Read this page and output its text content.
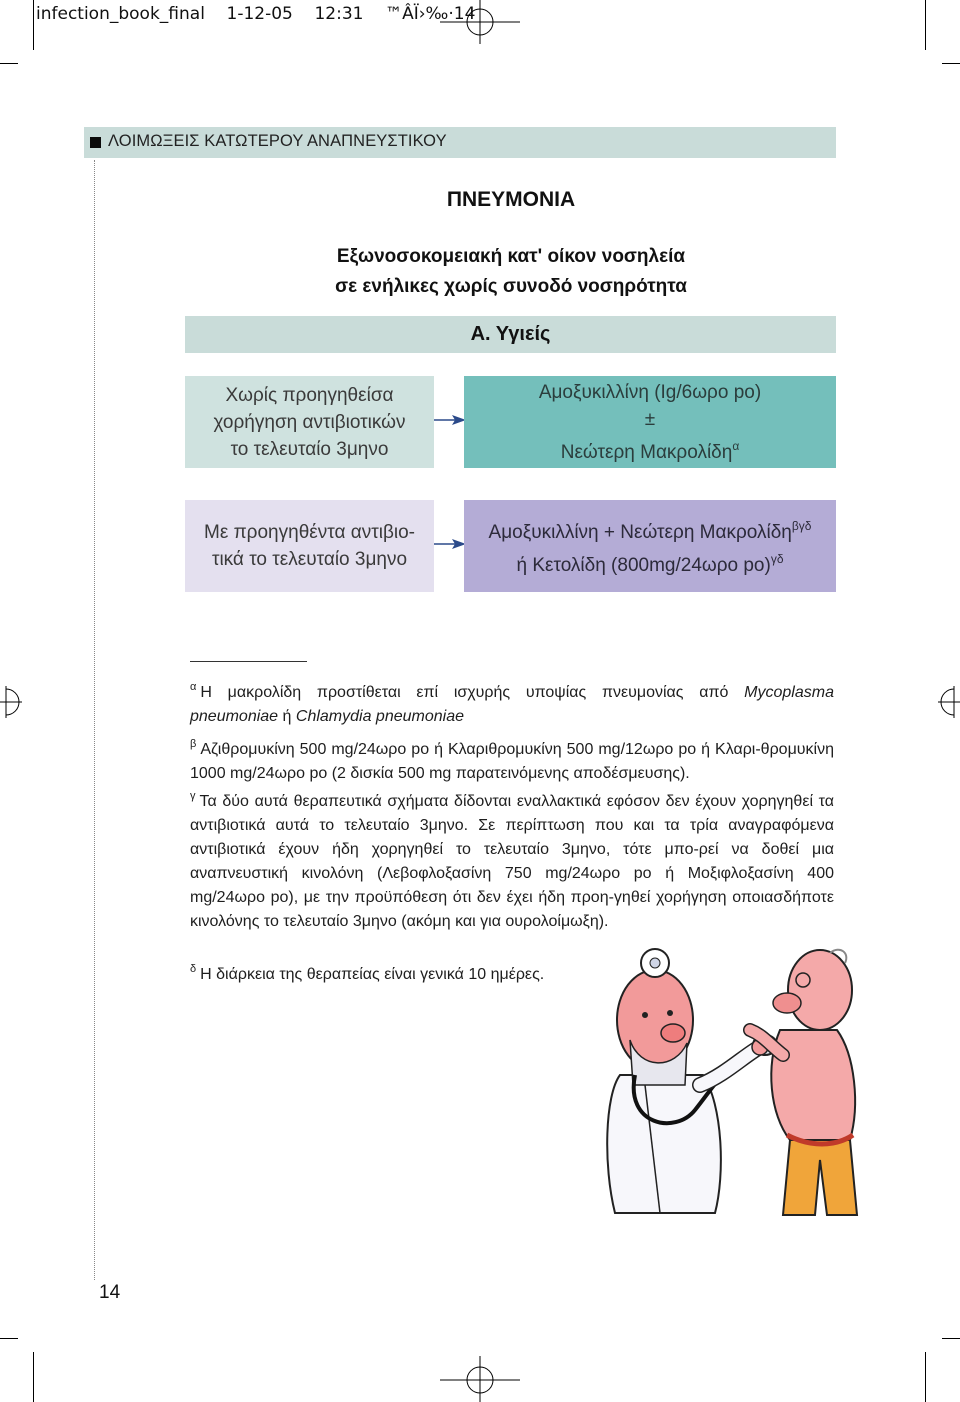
infection_book_final    1-12-05    12:31    ™ÂÏ›‰·14
ΛΟΙΜΩΞΕΙΣ ΚΑΤΩΤΕΡΟΥ ΑΝΑΠΝΕΥΣΤΙΚΟΥ
ΠΝΕΥΜΟΝΙΑ
Εξωνοσοκομειακή κατ' οίκον νοσηλεία
σε ενήλικες χωρίς συνοδό νοσηρότητα
Α. Υγιείς
Χωρίς προηγηθείσα
χορήγηση αντιβιοτικών
το τελευταίο 3μηνο
Αμοξυκιλλίνη (Ig/6ωρο po)
±
Νεώτερη Μακρολίδη$^\alpha$
Με προηγηθέντα αντιβιο-
τικά το τελευταίο 3μηνο
Αμοξυκιλλίνη + Νεώτερη Μακρολίδη$^{\beta\gamma\delta}$
ή Κετολίδη (800mg/24ωρο po)$^{\gamma\delta}$

$^\alpha$ Η μακρολίδη προστίθεται επί ισχυρής υποψίας πνευμονίας από Mycoplasma pneumoniae ή Chlamydia pneumoniae

$^\beta$ Αζιθρομυκίνη 500 mg/24ωρο po ή Κλαριθρομυκίνη 500 mg/12ωρο po ή Κλαρι-θρομυκίνη 1000 mg/24ωρο po (2 δισκία 500 mg παρατεινόμενης αποδέσμευσης).

$^\gamma$ Τα δύο αυτά θεραπευτικά σχήματα δίδονται εναλλακτικά εφόσον δεν έχουν χορηγηθεί τα αντιβιοτικά αυτά το τελευταίο 3μηνο. Σε περίπτωση που και τα τρία αναγραφόμενα αντιβιοτικά έχουν ήδη χορηγηθεί το τελευταίο 3μηνο, τότε μπο-ρεί να δοθεί μια αναπνευστική κινολόνη (Λεβοφλοξασίνη 750 mg/24ωρο po ή Μοξιφλοξασίνη 400 mg/24ωρο po), με την προϋπόθεση ότι δεν έχει ήδη προη-γηθεί χορήγηση οποιασδήποτε κινολόνης το τελευταίο 3μηνο (ακόμη και για ουρολοίμωξη).

$^\delta$ Η διάρκεια της θεραπείας είναι γενικά 10 ημέρες.

14
